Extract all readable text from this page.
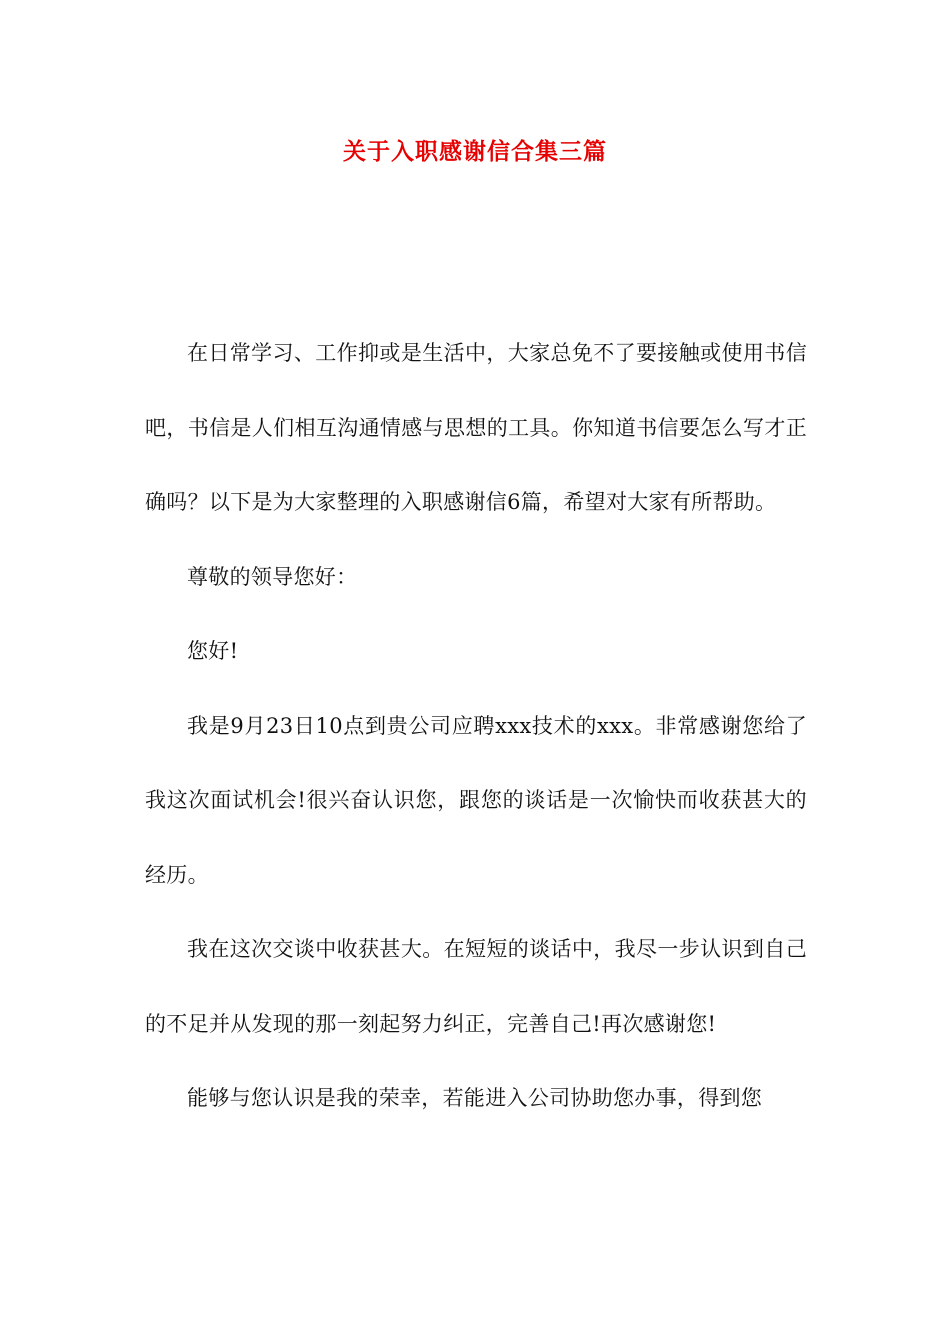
关于入职感谢信合集三篇

在日常学习、工作抑或是生活中，大家总免不了要接触或使用书信吧，书信是人们相互沟通情感与思想的工具。你知道书信要怎么写才正确吗？以下是为大家整理的入职感谢信6篇，希望对大家有所帮助。

尊敬的领导您好：

您好!

我是9月23日10点到贵公司应聘xxx技术的xxx。非常感谢您给了我这次面试机会!很兴奋认识您，跟您的谈话是一次愉快而收获甚大的经历。

我在这次交谈中收获甚大。在短短的谈话中，我尽一步认识到自己的不足并从发现的那一刻起努力纠正，完善自己!再次感谢您!

能够与您认识是我的荣幸，若能进入公司协助您办事，得到您
